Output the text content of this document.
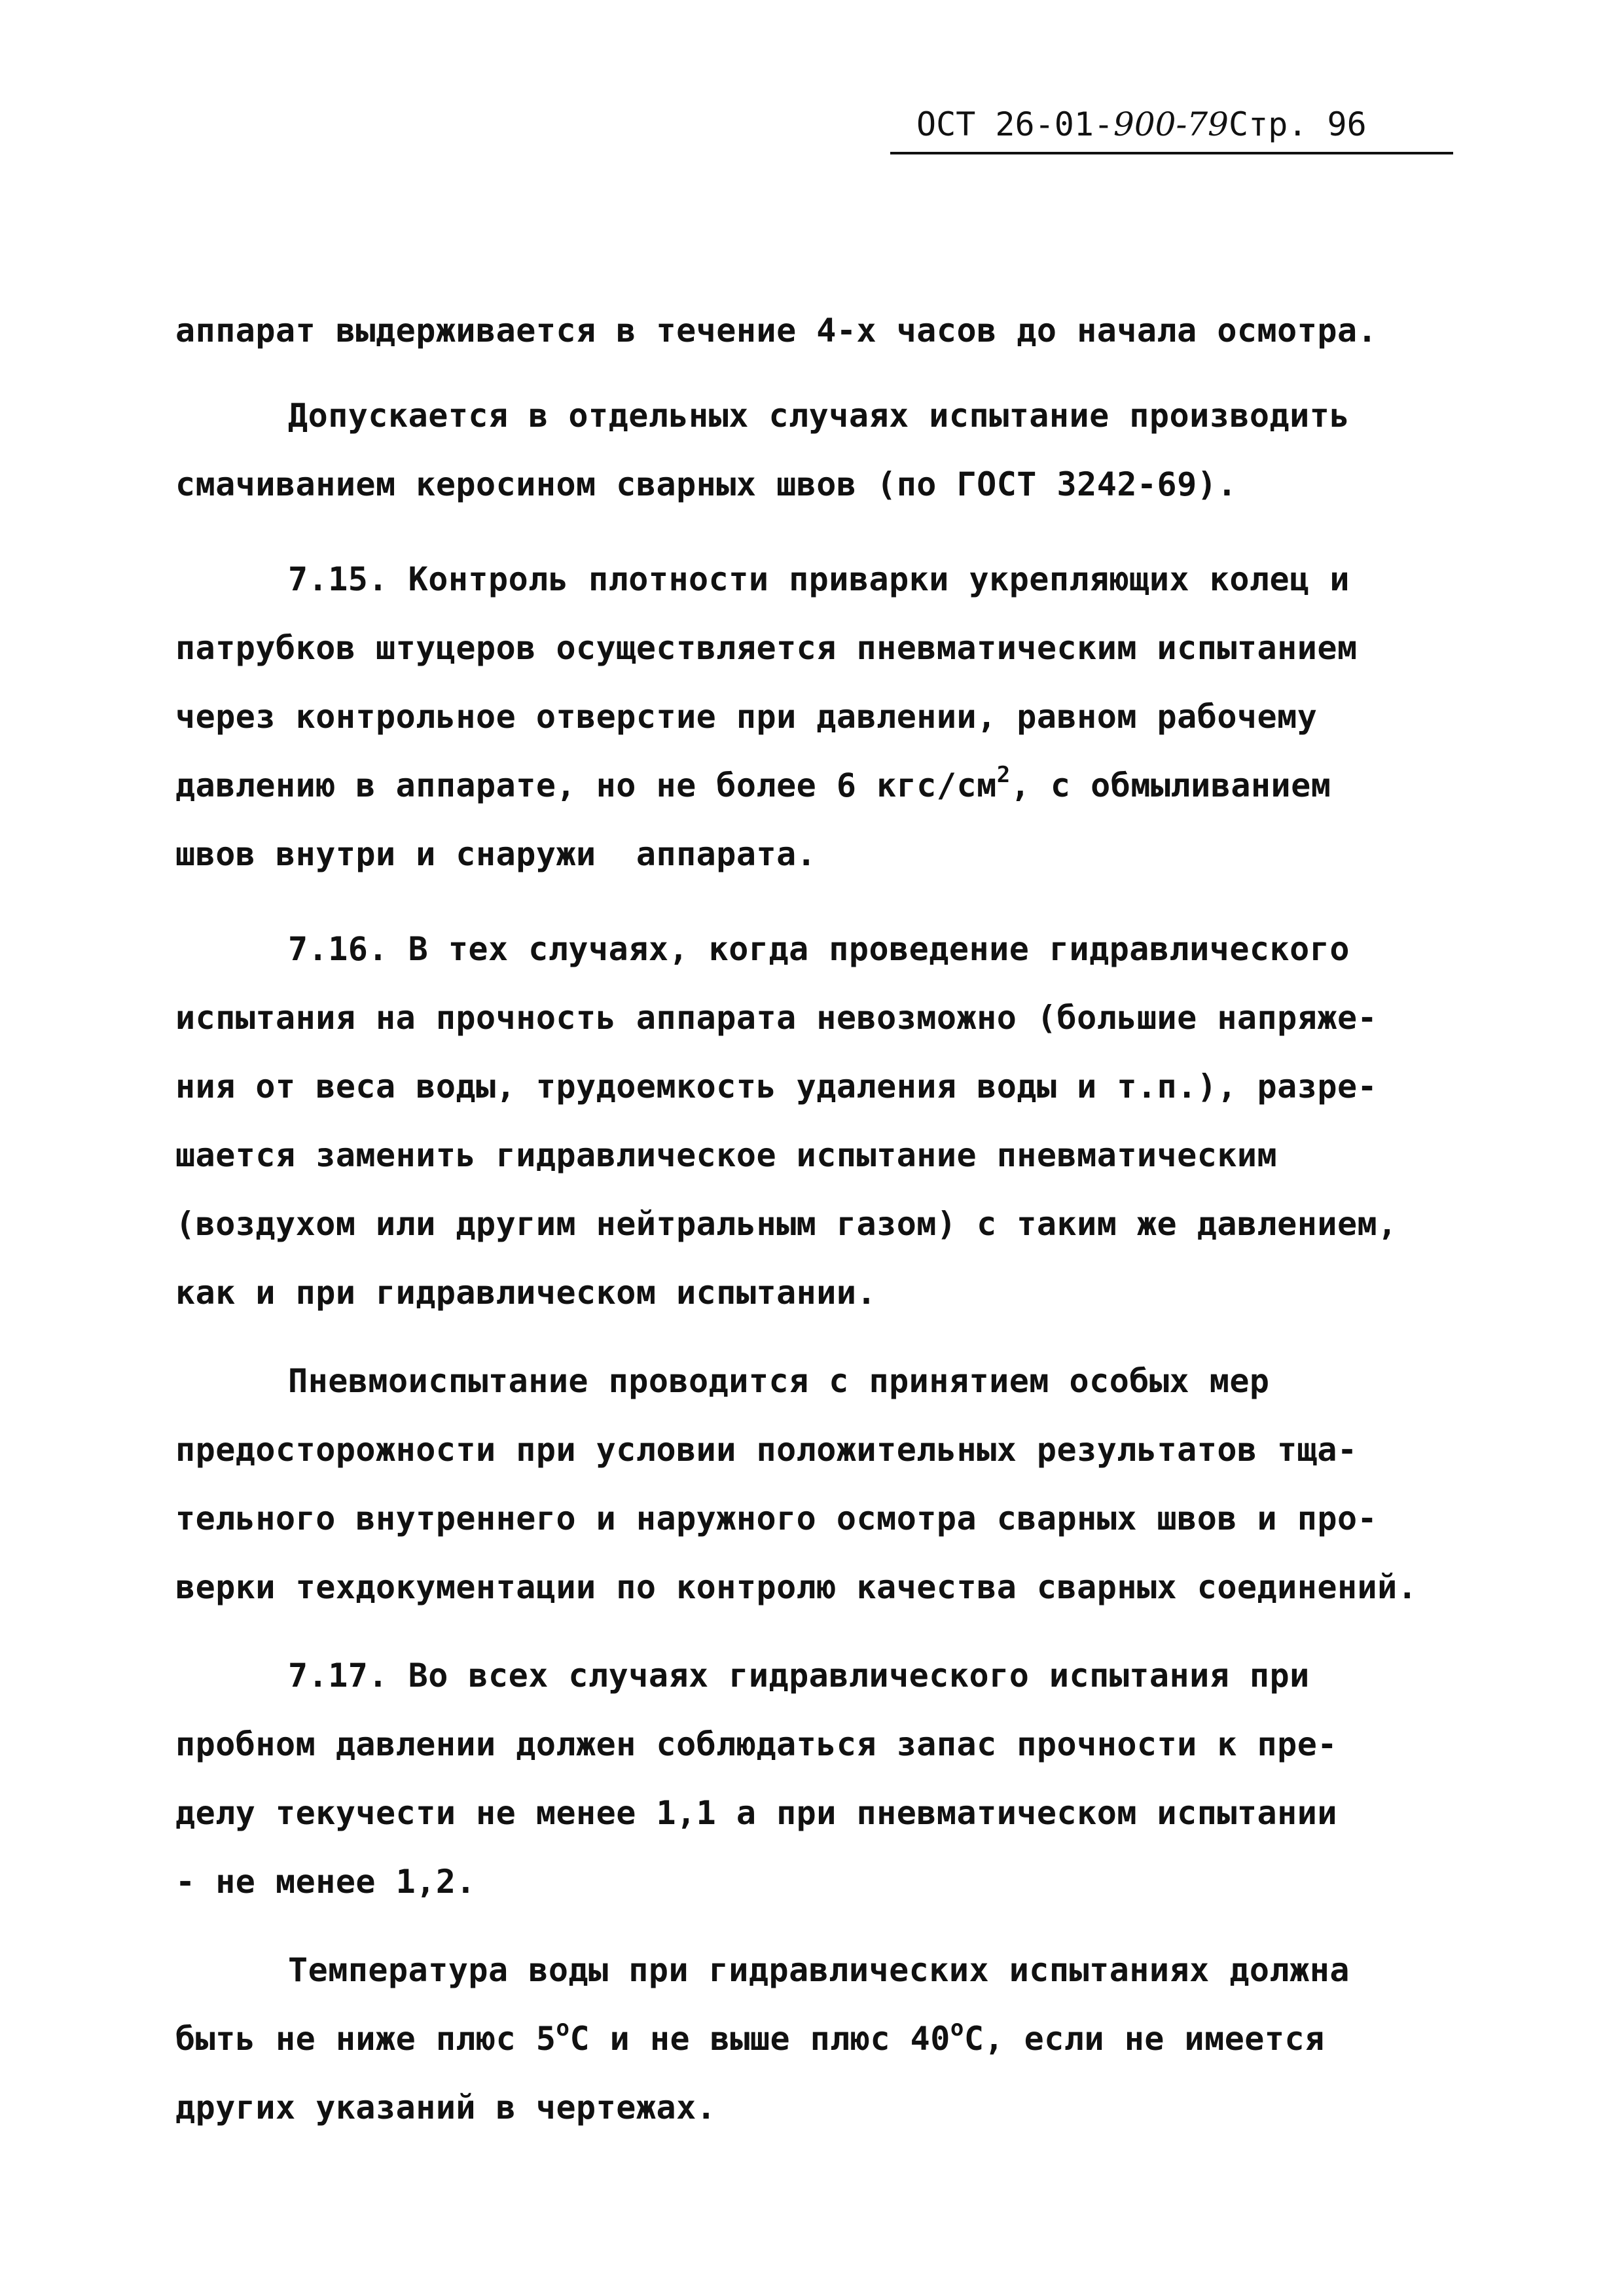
ОСТ 26-01-900-79Стр. 96
аппарат выдерживается в течение 4-х часов до начала осмотра.
Допускается в отдельных случаях испытание производить
смачиванием керосином сварных швов (по ГОСТ 3242-69).
7.15. Контроль плотности приварки укрепляющих колец и
патрубков штуцеров осуществляется пневматическим испытанием
через контрольное отверстие при давлении, равном рабочему
давлению в аппарате, но не более 6 кгс/$см^2$, с обмыливанием
швов внутри и снаружи  аппарата.
7.16. В тех случаях, когда проведение гидравлического
испытания на прочность аппарата невозможно (большие напряже-
ния от веса воды, трудоемкость удаления воды и т.п.), разре-
шается заменить гидравлическое испытание пневматическим
(воздухом или другим нейтральным газом) с таким же давлением,
как и при гидравлическом испытании.
Пневмоиспытание проводится с принятием особых мер
предосторожности при условии положительных результатов тща-
тельного внутреннего и наружного осмотра сварных швов и про-
верки техдокументации по контролю качества сварных соединений.
7.17. Во всех случаях гидравлического испытания при
пробном давлении должен соблюдаться запас прочности к пре-
делу текучести не менее 1,1 а при пневматическом испытании
- не менее 1,2.
Температура воды при гидравлических испытаниях должна
быть не ниже плюс $5^оС$ и не выше плюс $40^оС$, если не имеется
других указаний в чертежах.
